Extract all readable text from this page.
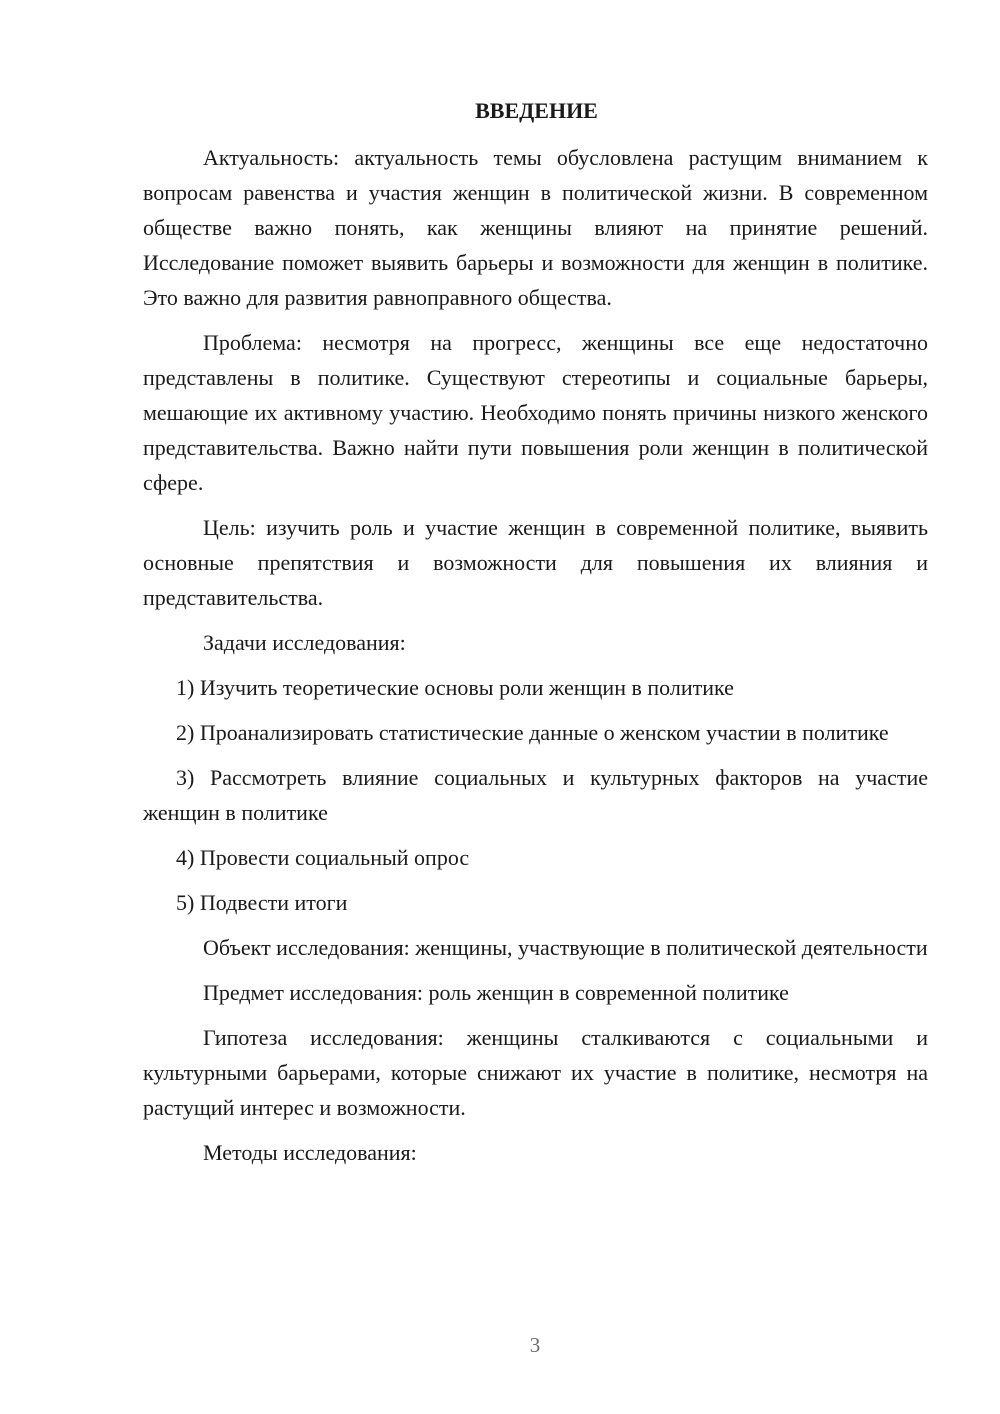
ВВЕДЕНИЕ
Актуальность: актуальность темы обусловлена растущим вниманием к вопросам равенства и участия женщин в политической жизни. В современном обществе важно понять, как женщины влияют на принятие решений. Исследование поможет выявить барьеры и возможности для женщин в политике. Это важно для развития равноправного общества.
Проблема: несмотря на прогресс, женщины все еще недостаточно представлены в политике. Существуют стереотипы и социальные барьеры, мешающие их активному участию. Необходимо понять причины низкого женского представительства. Важно найти пути повышения роли женщин в политической сфере.
Цель: изучить роль и участие женщин в современной политике, выявить основные препятствия и возможности для повышения их влияния и представительства.
Задачи исследования:
1) Изучить теоретические основы роли женщин в политике
2) Проанализировать статистические данные о женском участии в политике
3) Рассмотреть влияние социальных и культурных факторов на участие женщин в политике
4) Провести социальный опрос
5) Подвести итоги
Объект исследования: женщины, участвующие в политической деятельности
Предмет исследования: роль женщин в современной политике
Гипотеза исследования: женщины сталкиваются с социальными и культурными барьерами, которые снижают их участие в политике, несмотря на растущий интерес и возможности.
Методы исследования:
3
